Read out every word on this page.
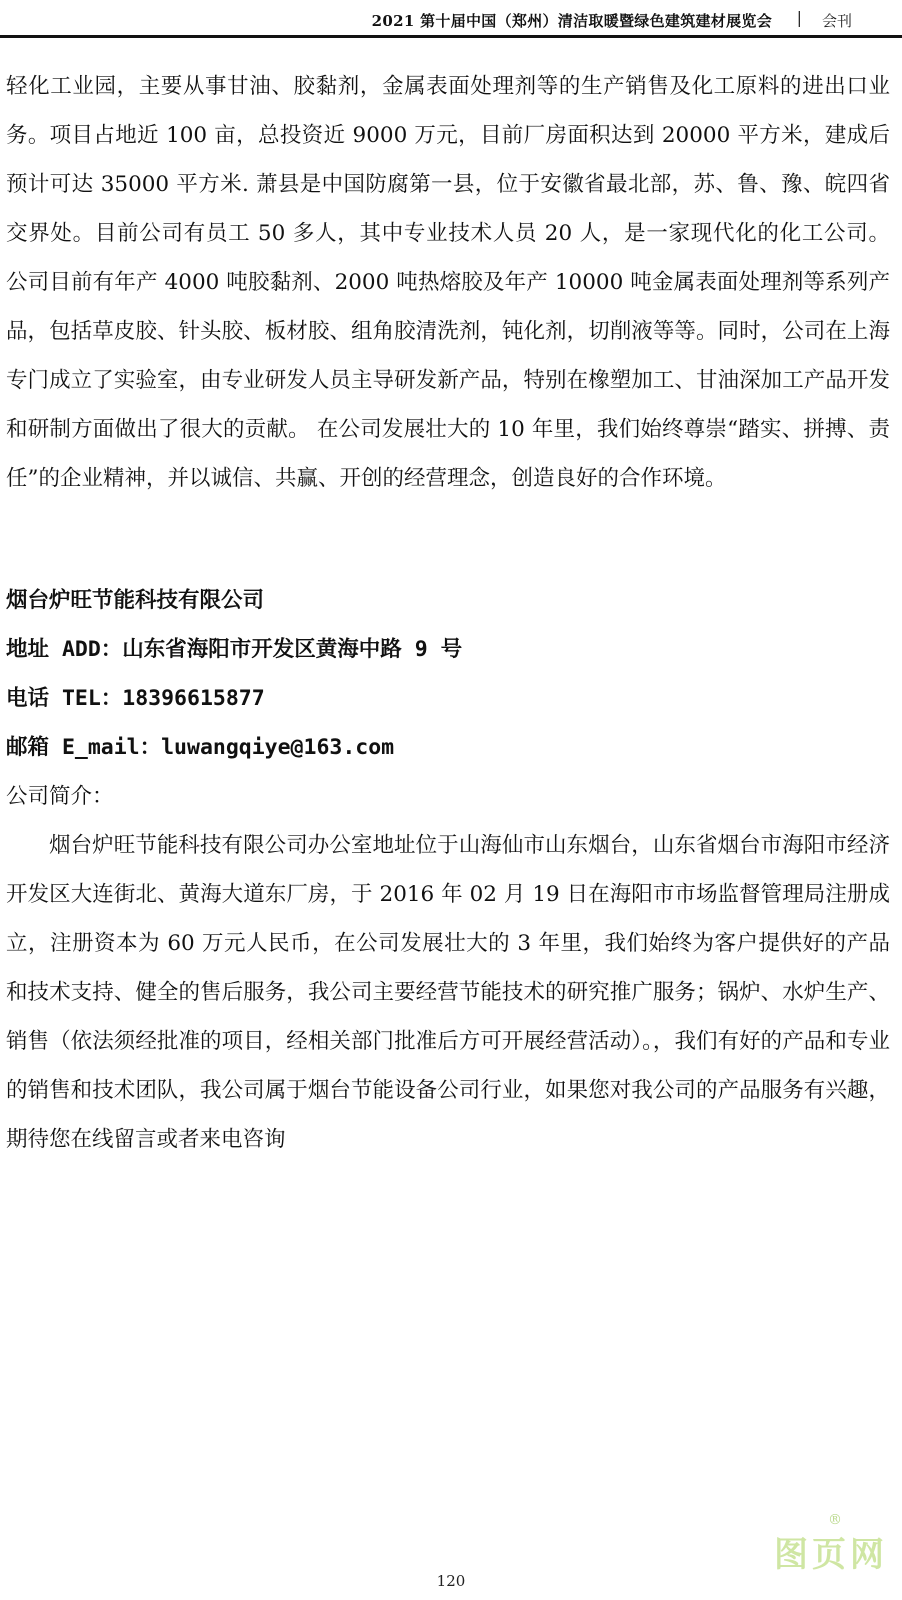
2021 第十届中国（郑州）清洁取暖暨绿色建筑建材展览会 | 会刊

轻化工业园，主要从事甘油、胶黏剂，金属表面处理剂等的生产销售及化工原料的进出口业务。项目占地近 100 亩，总投资近 9000 万元，目前厂房面积达到 20000 平方米，建成后预计可达 35000 平方米. 萧县是中国防腐第一县，位于安徽省最北部，苏、鲁、豫、皖四省交界处。目前公司有员工 50 多人，其中专业技术人员 20 人，是一家现代化的化工公司。 公司目前有年产 4000 吨胶黏剂、2000 吨热熔胶及年产 10000 吨金属表面处理剂等系列产品，包括草皮胶、针头胶、板材胶、组角胶清洗剂，钝化剂，切削液等等。同时，公司在上海专门成立了实验室，由专业研发人员主导研发新产品，特别在橡塑加工、甘油深加工产品开发和研制方面做出了很大的贡献。 在公司发展壮大的 10 年里，我们始终尊崇“踏实、拼搏、责任”的企业精神，并以诚信、共赢、开创的经营理念，创造良好的合作环境。

烟台炉旺节能科技有限公司

地址 ADD：山东省海阳市开发区黄海中路 9 号

电话 TEL：18396615877

邮箱 E_mail：luwangqiye@163.com

公司简介：

烟台炉旺节能科技有限公司办公室地址位于山海仙市山东烟台，山东省烟台市海阳市经济开发区大连街北、黄海大道东厂房，于 2016 年 02 月 19 日在海阳市市场监督管理局注册成立，注册资本为 60 万元人民币，在公司发展壮大的 3 年里，我们始终为客户提供好的产品和技术支持、健全的售后服务，我公司主要经营节能技术的研究推广服务；锅炉、水炉生产、销售（依法须经批准的项目，经相关部门批准后方可开展经营活动）。，我们有好的产品和专业的销售和技术团队，我公司属于烟台节能设备公司行业，如果您对我公司的产品服务有兴趣，期待您在线留言或者来电咨询

120
图页网
®
